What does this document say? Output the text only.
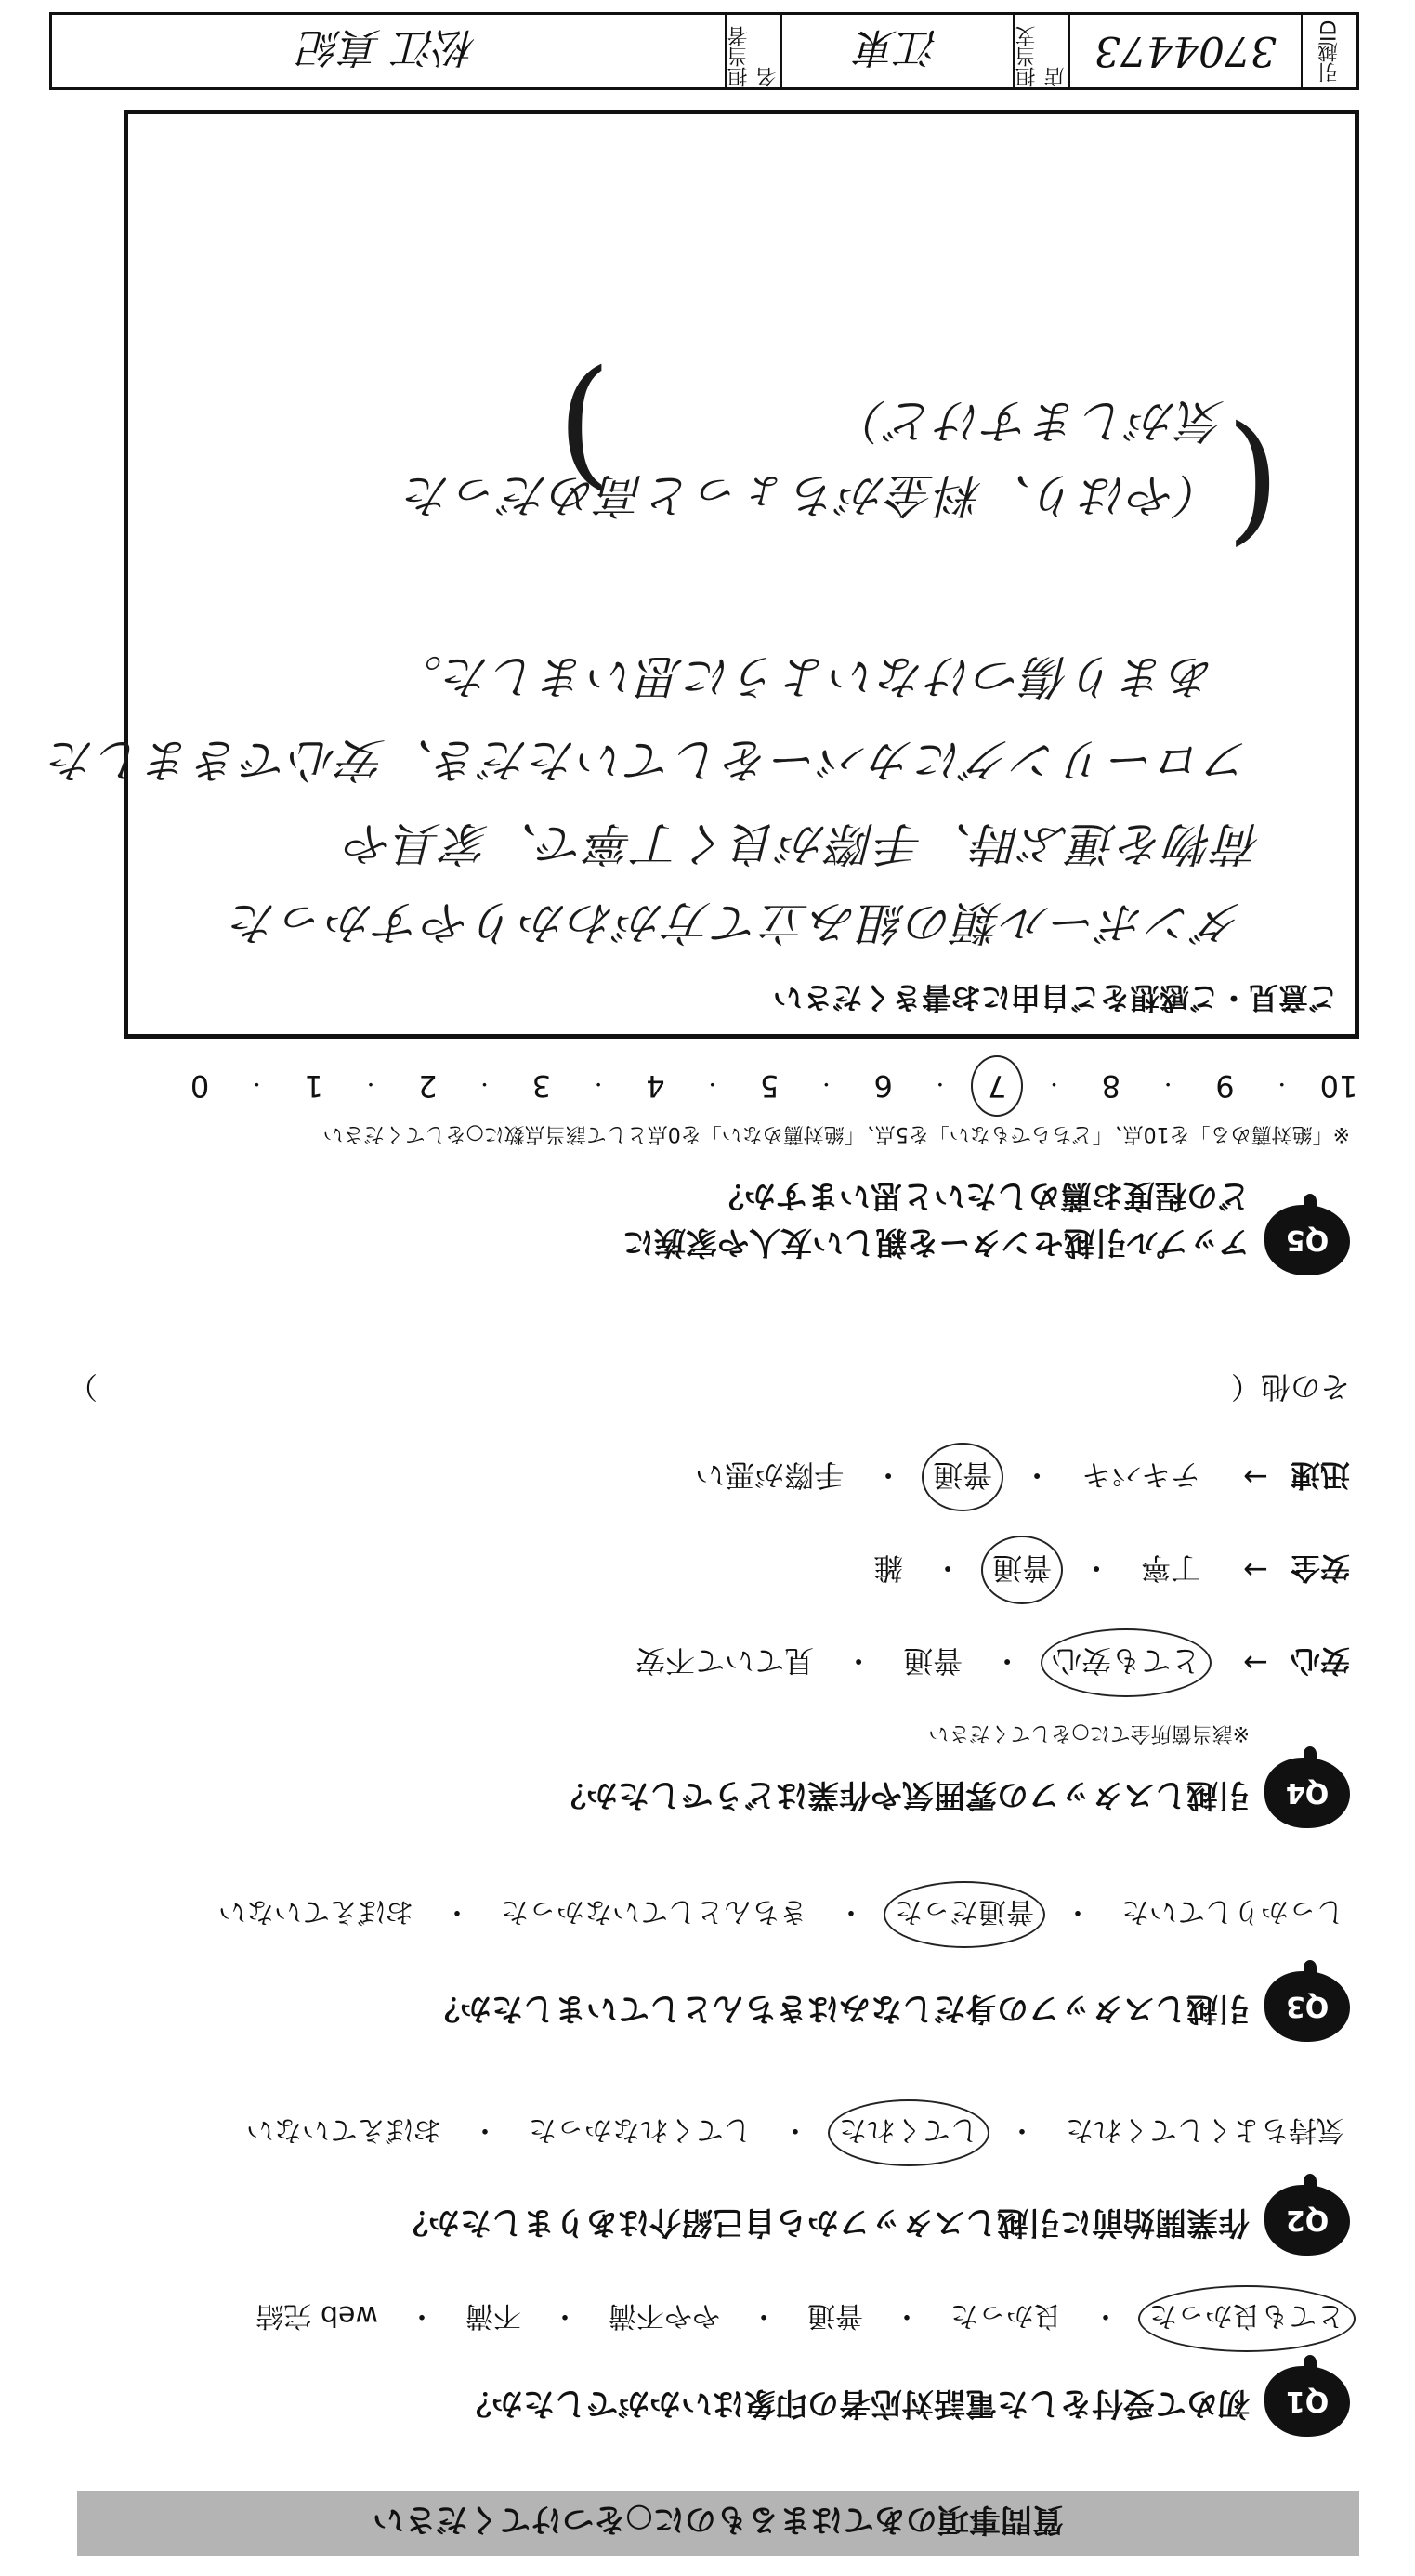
質問事項のあてはまるものに○をつけてください
Q1
初めて受付をした電話対応者の印象はいかがでしたか？
とても良かった
・
良かった
・
普通
・
やや不満
・
不満
・
web 完結
Q2
作業開始前に引越しスタッフから自己紹介はありましたか？
気持ちよくしてくれた
・
してくれた
・
してくれなかった
・
おぼえていない
Q3
引越しスタッフの身だしなみはきちんとしていましたか？
しっかりしていた
・
普通だった
・
きちんとしていなかった
・
おぼえていない
Q4
引越しスタッフの雰囲気や作業はどうでしたか？
※該当箇所全てに○をしてください
安心
→
とても安心
・
普通
・
見ていて不安
安全
→
丁寧
・
普通
・
雑
迅速
→
テキパキ
・
普通
・
手際が悪い
その他（
）
Q5
アップル引越センターを親しい友人や家族に
どの程度お薦めしたいと思いますか？
※「絶対薦める」を10点、「どちらでもない」を5点、「絶対薦めない」を0点として該当点数に○をしてください
10
・
9
・
8
・
7
・
6
・
5
・
4
・
3
・
2
・
1
・
0
ご意見・ご感想をご自由にお書きください
ダンボール類の組み立て方がわかりやすかった
荷物を運ぶ時、手際が良く丁寧で、家具や
フローリングにカバーをしていただき、安心できました
あまり傷つけないように思いました。
(
（やはり、料金がちょっと高めだった
気がしますけど）
)
引越ID
3704473
担当支店
江東
担当者名
松江 真紀
